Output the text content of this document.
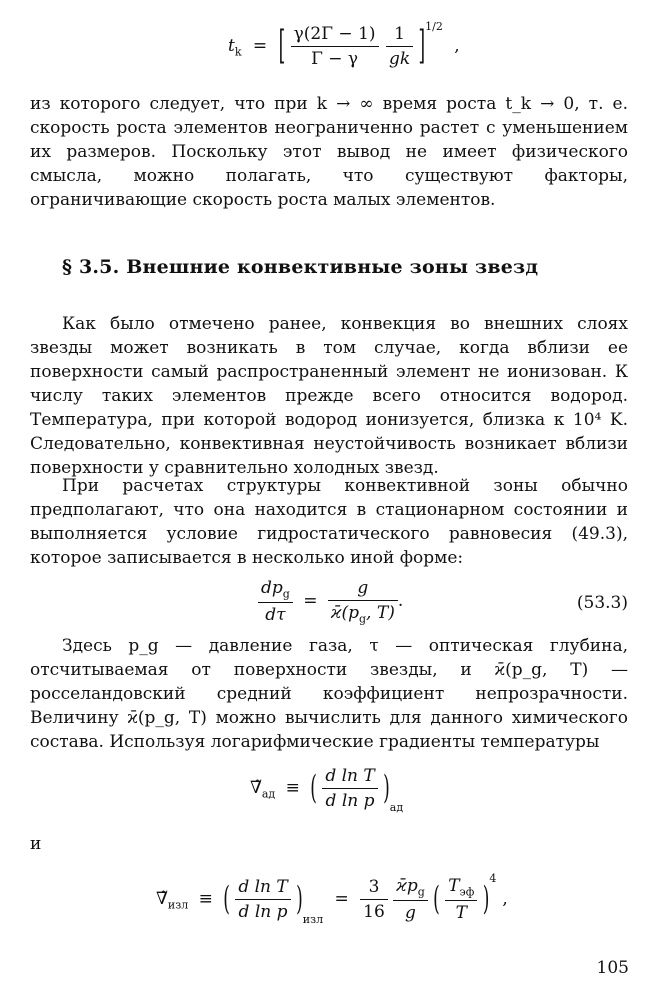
$t_k$ = [ $\frac{\gamma(2\Gamma - 1)}{\Gamma - \gamma}$
$\frac{1}{gk} ]^{1/2}$ ,

из которого следует, что при k → ∞ время роста t_k → 0, т. е. скорость роста элементов неограниченно растет с уменьшением их размеров. Поскольку этот вывод не имеет физического смысла, можно полагать, что существуют факторы, ограничивающие скорость роста малых элементов.

§ 3.5. Внешние конвективные зоны звезд

Как было отмечено ранее, конвекция во внешних слоях звезды может возникать в том случае, когда вблизи ее поверхности самый распространенный элемент не ионизован. К числу таких элементов прежде всего относится водород. Температура, при которой водород ионизуется, близка к 10⁴ K. Следовательно, конвективная неустойчивость возникает вблизи поверхности у сравнительно холодных звезд.

При расчетах структуры конвективной зоны обычно предполагают, что она находится в стационарном состоянии и выполняется условие гидростатического равновесия (49.3), которое записывается в несколько иной форме:

$\frac{dp_g}{d\tau} = \frac{g}{ϰ̄(p_g, T)}$ .	(53.3)

Здесь p_g — давление газа, τ — оптическая глубина, отсчитываемая от поверхности звезды, и ϰ̄(p_g, T) — росселандовский средний коэффициент непрозрачности. Величину ϰ̄(p_g, T) можно вычислить для данного химического состава. Используя логарифмические градиенты температуры

$\nablã_{ад}$ ≡ ( $\frac{\text{d ln T}}{\text{d ln p}} )_{ад}$
и
$\nablã_{изл}$ ≡ ( $\frac{\text{d ln T}}{\text{d ln p}} )_{изл} = \frac{3}{16}$
$\frac{ϰ̄p_g}{g}$ ( $\frac{T_{эф}}{T} )^4$,
105
